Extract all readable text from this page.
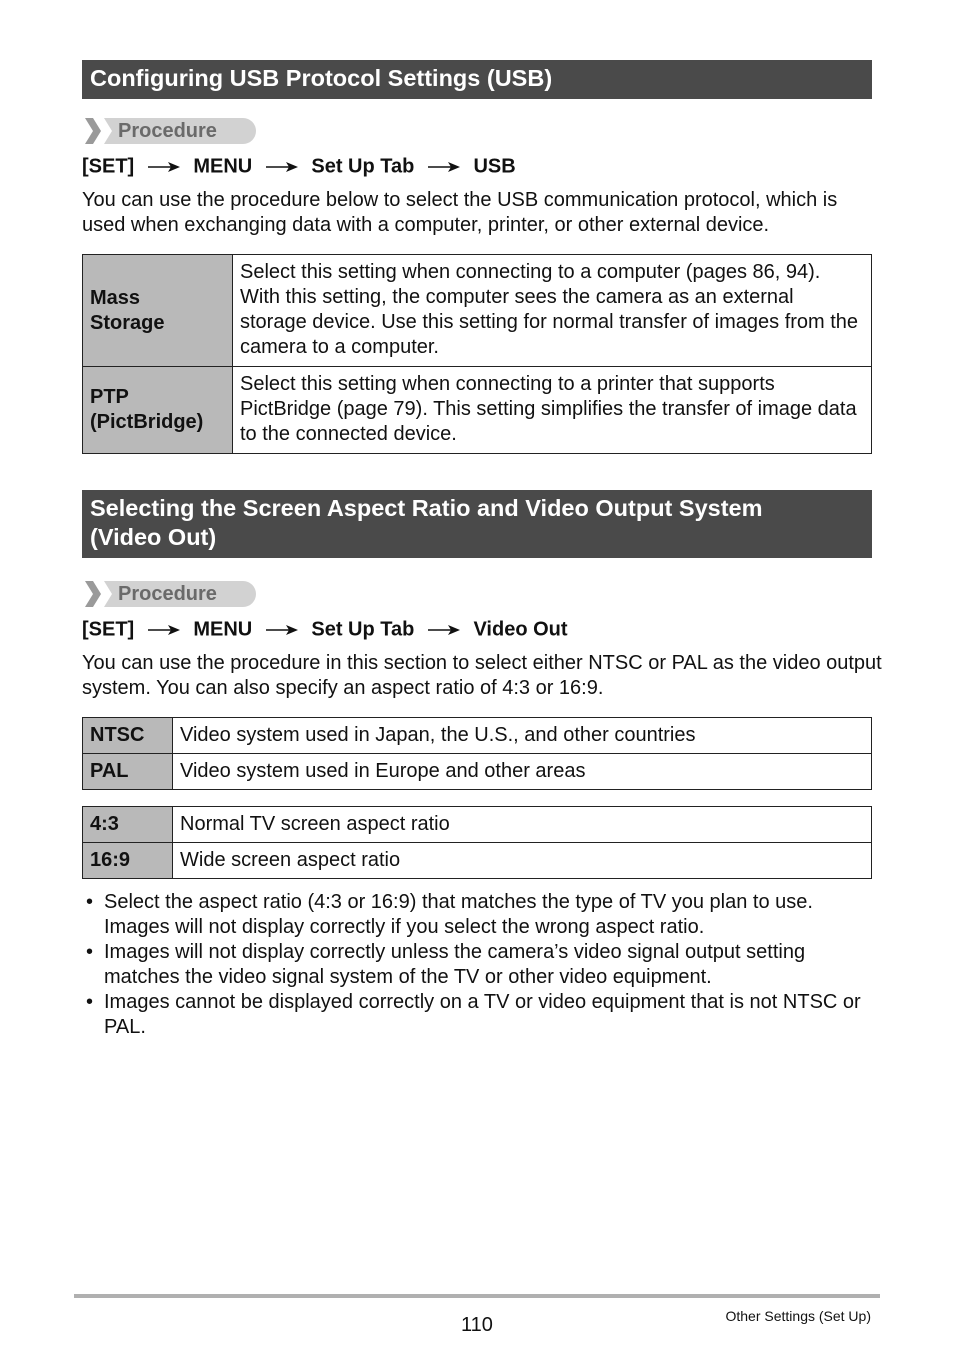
Configuring USB Protocol Settings (USB)
Procedure
[SET]	MENU	Set Up Tab	USB

You can use the procedure below to select the USB communication protocol, which is used when exchanging data with a computer, printer, or other external device.

Mass
Storage	Select this setting when connecting to a computer (pages 86, 94). With this setting, the computer sees the camera as an external storage device. Use this setting for normal transfer of images from the camera to a computer.
PTP
(PictBridge)	Select this setting when connecting to a printer that supports PictBridge (page 79). This setting simplifies the transfer of image data to the connected device.
Selecting the Screen Aspect Ratio and Video Output System
(Video Out)
Procedure
[SET]	MENU	Set Up Tab	Video Out

You can use the procedure in this section to select either NTSC or PAL as the video output system. You can also specify an aspect ratio of 4:3 or 16:9.

NTSC	Video system used in Japan, the U.S., and other countries
PAL	Video system used in Europe and other areas
4:3	Normal TV screen aspect ratio
16:9	Wide screen aspect ratio
• Select the aspect ratio (4:3 or 16:9) that matches the type of TV you plan to use. Images will not display correctly if you select the wrong aspect ratio.
• Images will not display correctly unless the camera’s video signal output setting matches the video signal system of the TV or other video equipment.
• Images cannot be displayed correctly on a TV or video equipment that is not NTSC or PAL.
110	Other Settings (Set Up)
